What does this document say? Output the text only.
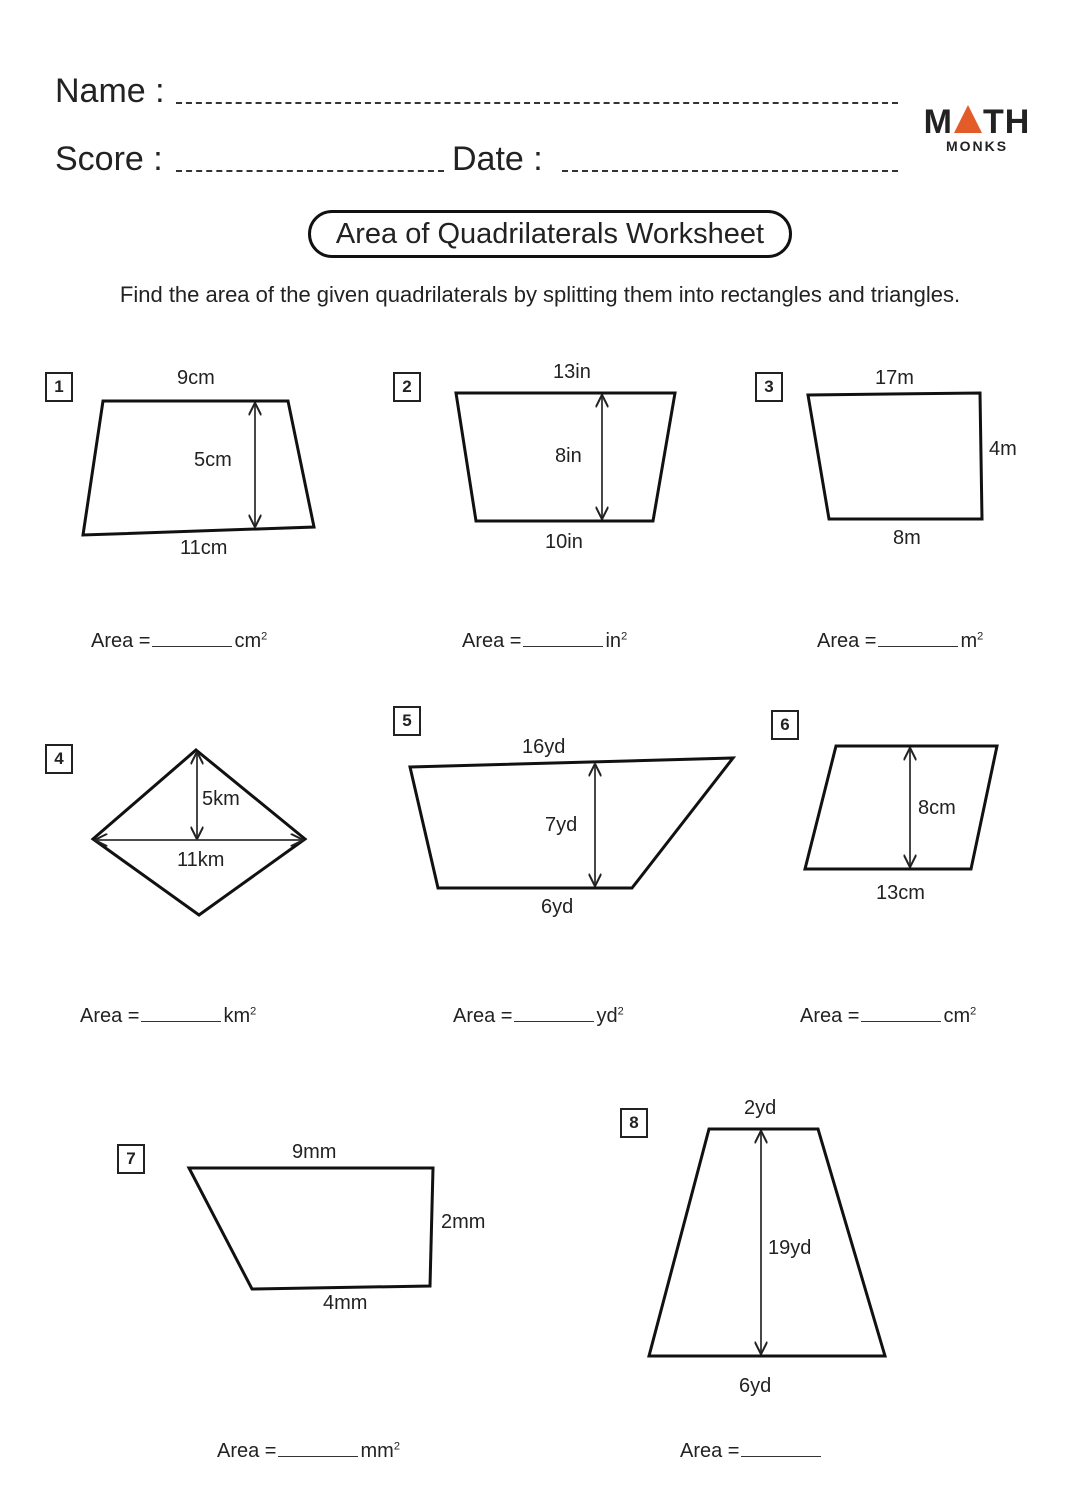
Name :
Score :	Date :
M TH
MONKS
Area of Quadrilaterals Worksheet
Find the area of the given quadrilaterals by splitting them into rectangles and triangles.
1	9cm
5cm
11cm
Area =	$cm^2$
2
13in
8in
10in
Area =	$in^2$
3	17m
4m
8m
Area =	$m^2$
4
5km
11km
Area =	$km^2$
5
16yd
7yd
6yd
Area =	$yd^2$
6
8cm
13cm
Area =	$cm^2$
7	9mm
2mm
4mm
Area =	$mm^2$
8
2yd
19yd
6yd
Area =
